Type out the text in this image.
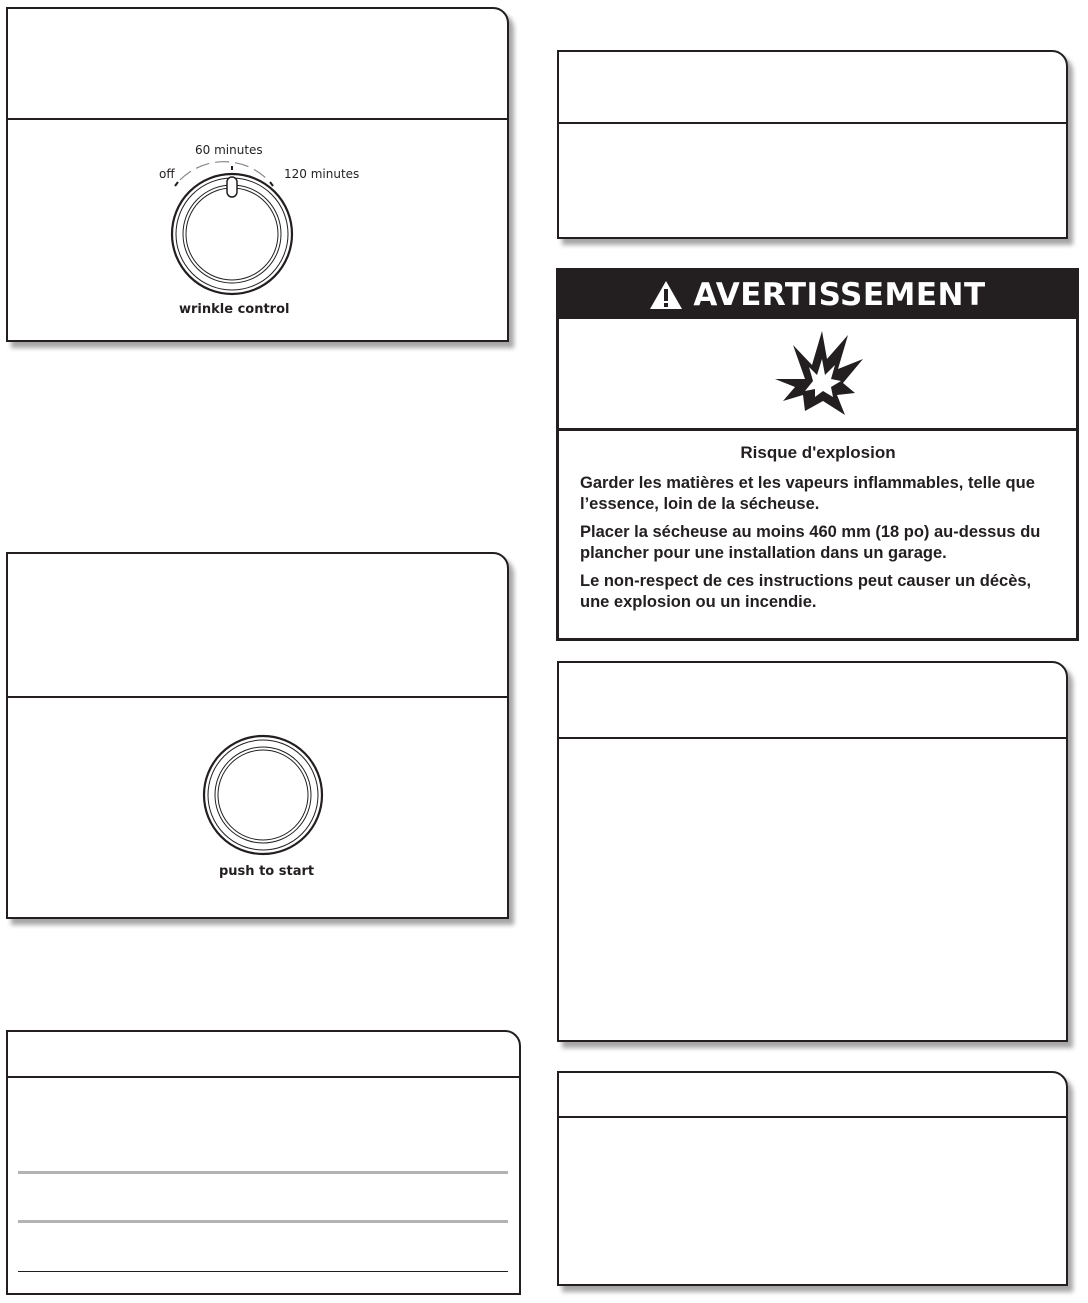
60 minutes
off	120 minutes
wrinkle control
push to start
AVERTISSEMENT
Risque d'explosion

Garder les matières et les vapeurs inflammables, telle que l’essence, loin de la sécheuse.

Placer la sécheuse au moins 460 mm (18 po) au-dessus du plancher pour une installation dans un garage.

Le non-respect de ces instructions peut causer un décès, une explosion ou un incendie.
